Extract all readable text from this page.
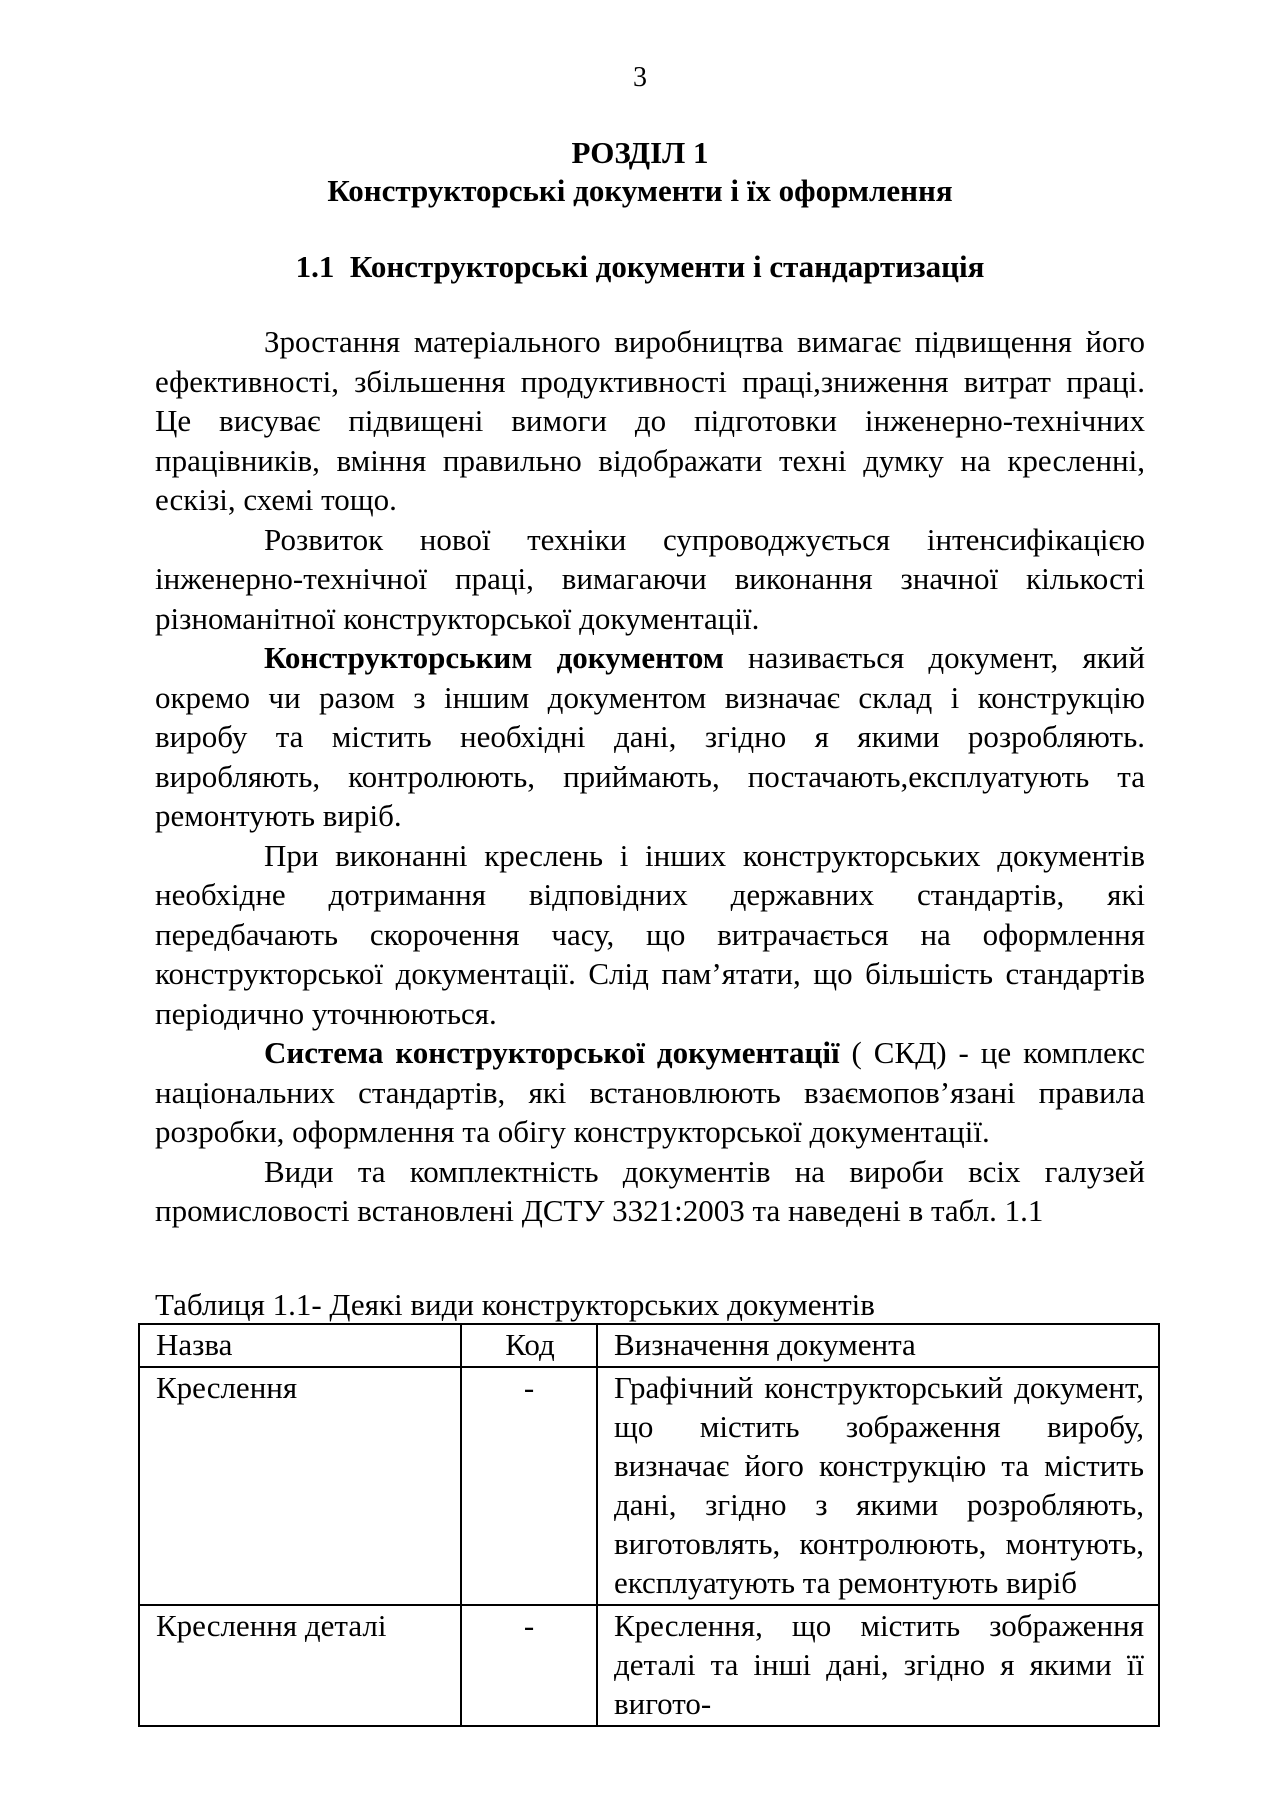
3
РОЗДІЛ 1
Конструкторські документи і їх оформлення
1.1 Конструкторські документи і стандартизація

Зростання матеріального виробництва вимагає підвищення його ефективності, збільшення продуктивності праці,зниження витрат праці. Це висуває підвищені вимоги до підготовки інженерно-технічних працівників, вміння правильно відображати техні думку на кресленні, ескізі, схемі тощо.

Розвиток нової техніки супроводжується інтенсифікацією інженерно-технічної праці, вимагаючи виконання значної кількості різноманітної конструкторської документації.

Конструкторським документом називається документ, який окремо чи разом з іншим документом визначає склад і конструкцію виробу та містить необхідні дані, згідно я якими розробляють. виробляють, контролюють, приймають, постачають,експлуатують та ремонтують виріб.

При виконанні креслень і інших конструкторських документів необхідне дотримання відповідних державних стандартів, які передбачають скорочення часу, що витрачається на оформлення конструкторської документації. Слід пам’ятати, що більшість стандартів періодично уточнюються.

Система конструкторської документації ( СКД) - це комплекс національних стандартів, які встановлюють взаємопов’язані правила розробки, оформлення та обігу конструкторської документації.

Види та комплектність документів на вироби всіх галузей промисловості встановлені ДСТУ 3321:2003 та наведені в табл. 1.1

Таблиця 1.1- Деякі види конструкторських документів
Назва	Код	Визначення документа
Креслення	-	Графічний конструкторський документ, що містить зображення виробу, визначає його конструкцію та містить дані, згідно з якими розробляють, виготовлять, контролюють, монтують, експлуатують та ремонтують виріб
Креслення деталі	-	Креслення, що містить зображення деталі та інші дані, згідно я якими її вигото-
